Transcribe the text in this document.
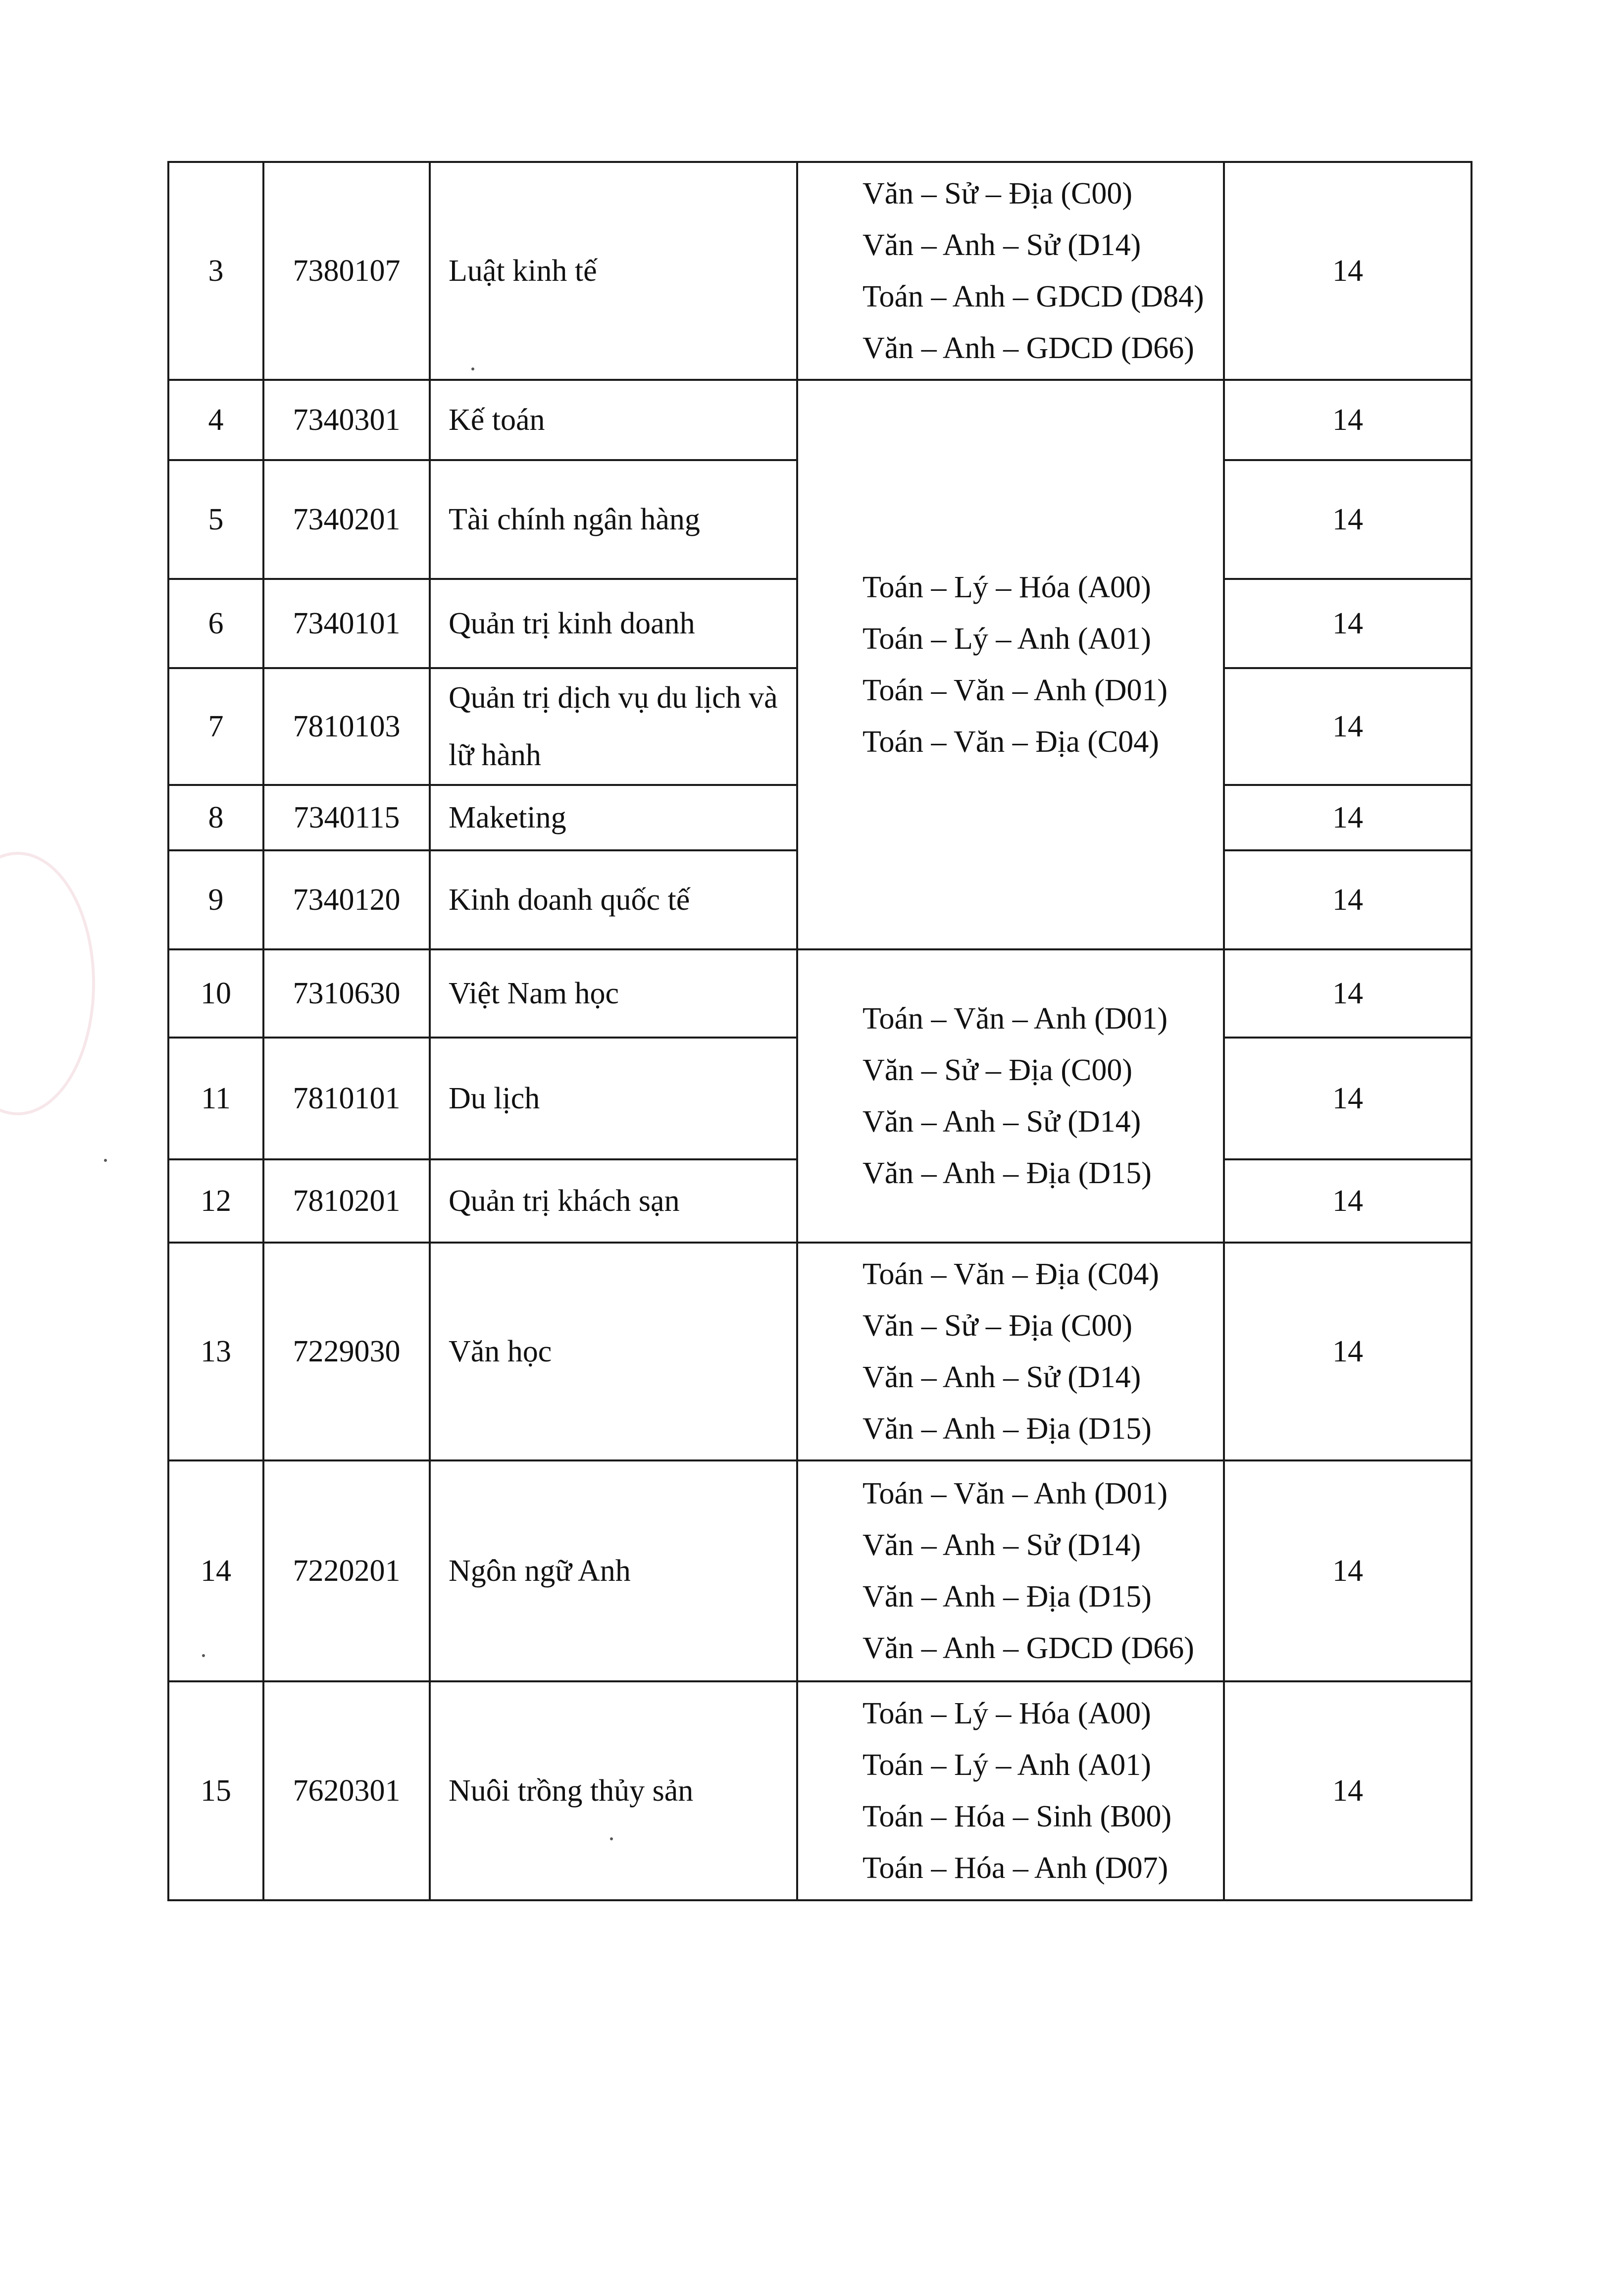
3	7380107	Luật kinh tế	Văn – Sử – Địa (C00)
Văn – Anh – Sử (D14)
Toán – Anh – GDCD (D84)
Văn – Anh – GDCD (D66)	14
4	7340301	Kế toán	Toán – Lý – Hóa (A00)
Toán – Lý – Anh (A01)
Toán – Văn – Anh (D01)
Toán – Văn – Địa (C04)	14
5	7340201	Tài chính ngân hàng		14
6	7340101	Quản trị kinh doanh		14
7	7810103	Quản trị dịch vụ du lịch và lữ hành		14
8	7340115	Maketing		14
9	7340120	Kinh doanh quốc tế		14
10	7310630	Việt Nam học	Toán – Văn – Anh (D01)
Văn – Sử – Địa (C00)
Văn – Anh – Sử (D14)
Văn – Anh – Địa (D15)	14
11	7810101	Du lịch		14
12	7810201	Quản trị khách sạn		14
13	7229030	Văn học	Toán – Văn – Địa (C04)
Văn – Sử – Địa (C00)
Văn – Anh – Sử (D14)
Văn – Anh – Địa (D15)	14
14	7220201	Ngôn ngữ Anh	Toán – Văn – Anh (D01)
Văn – Anh – Sử (D14)
Văn – Anh – Địa (D15)
Văn – Anh – GDCD (D66)	14
15	7620301	Nuôi trồng thủy sản	Toán – Lý – Hóa (A00)
Toán – Lý – Anh (A01)
Toán – Hóa – Sinh (B00)
Toán – Hóa – Anh (D07)	14
